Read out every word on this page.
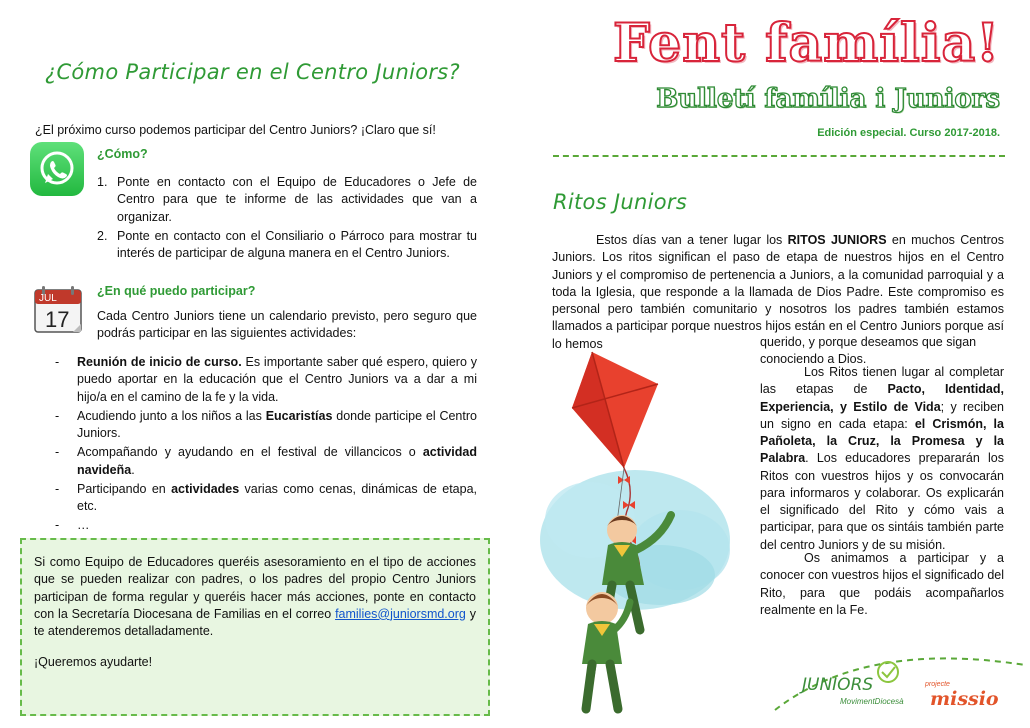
¿Cómo Participar en el Centro Juniors?
¿El próximo curso podemos participar del Centro Juniors? ¡Claro que sí!
¿Cómo?
1. Ponte en contacto con el Equipo de Educadores o Jefe de Centro para que te informe de las actividades que van a organizar.
2. Ponte en contacto con el Consiliario o Párroco para mostrar tu interés de participar de alguna manera en el Centro Juniors.
JUL
17
¿En qué puedo participar?
Cada Centro Juniors tiene un calendario previsto, pero seguro que podrás participar en las siguientes actividades:
- Reunión de inicio de curso. Es importante saber qué espero, quiero y puedo aportar en la educación que el Centro Juniors va a dar a mi hijo/a en el camino de la fe y la vida.
- Acudiendo junto a los niños a las Eucaristías donde participe el Centro Juniors.
- Acompañando y ayudando en el festival de villancicos o actividad navideña.
- Participando en actividades varias como cenas, dinámicas de etapa, etc.
- …

Si como Equipo de Educadores queréis asesoramiento en el tipo de acciones que se pueden realizar con padres, o los padres del propio Centro Juniors participan de forma regular y queréis hacer más acciones, ponte en contacto con la Secretaría Diocesana de Familias en el correo families@juniorsmd.org y te atenderemos detalladamente.

¡Queremos ayudarte!

Fent família!
Bulletí família i Juniors
Edición especial. Curso 2017-2018.
Ritos Juniors

Estos días van a tener lugar los RITOS JUNIORS en muchos Centros Juniors. Los ritos significan el paso de etapa de nuestros hijos en el Centro Juniors y el compromiso de pertenencia a Juniors, a la comunidad parroquial y a toda la Iglesia, que responde a la llamada de Dios Padre. Este compromiso es personal pero también comunitario y nosotros los padres también estamos llamados a participar porque nuestros hijos están en el Centro Juniors porque así lo hemos	querido, y porque deseamos que sigan conociendo a Dios.

Los Ritos tienen lugar al completar las etapas de Pacto, Identidad, Experiencia, y Estilo de Vida; y reciben un signo en cada etapa: el Crismón, la Pañoleta, la Cruz, la Promesa y la Palabra. Los educadores prepararán los Ritos con vuestros hijos y os convocarán para informaros y colaborar. Os explicarán el significado del Rito y cómo vais a participar, para que os sintáis también parte del centro Juniors y de su misión.

Os animamos a participar y a conocer con vuestros hijos el significado del Rito, para que podáis acompañarlos realmente en la Fe.

JUNIORS
MovimentDiocesà
projecte
missio
